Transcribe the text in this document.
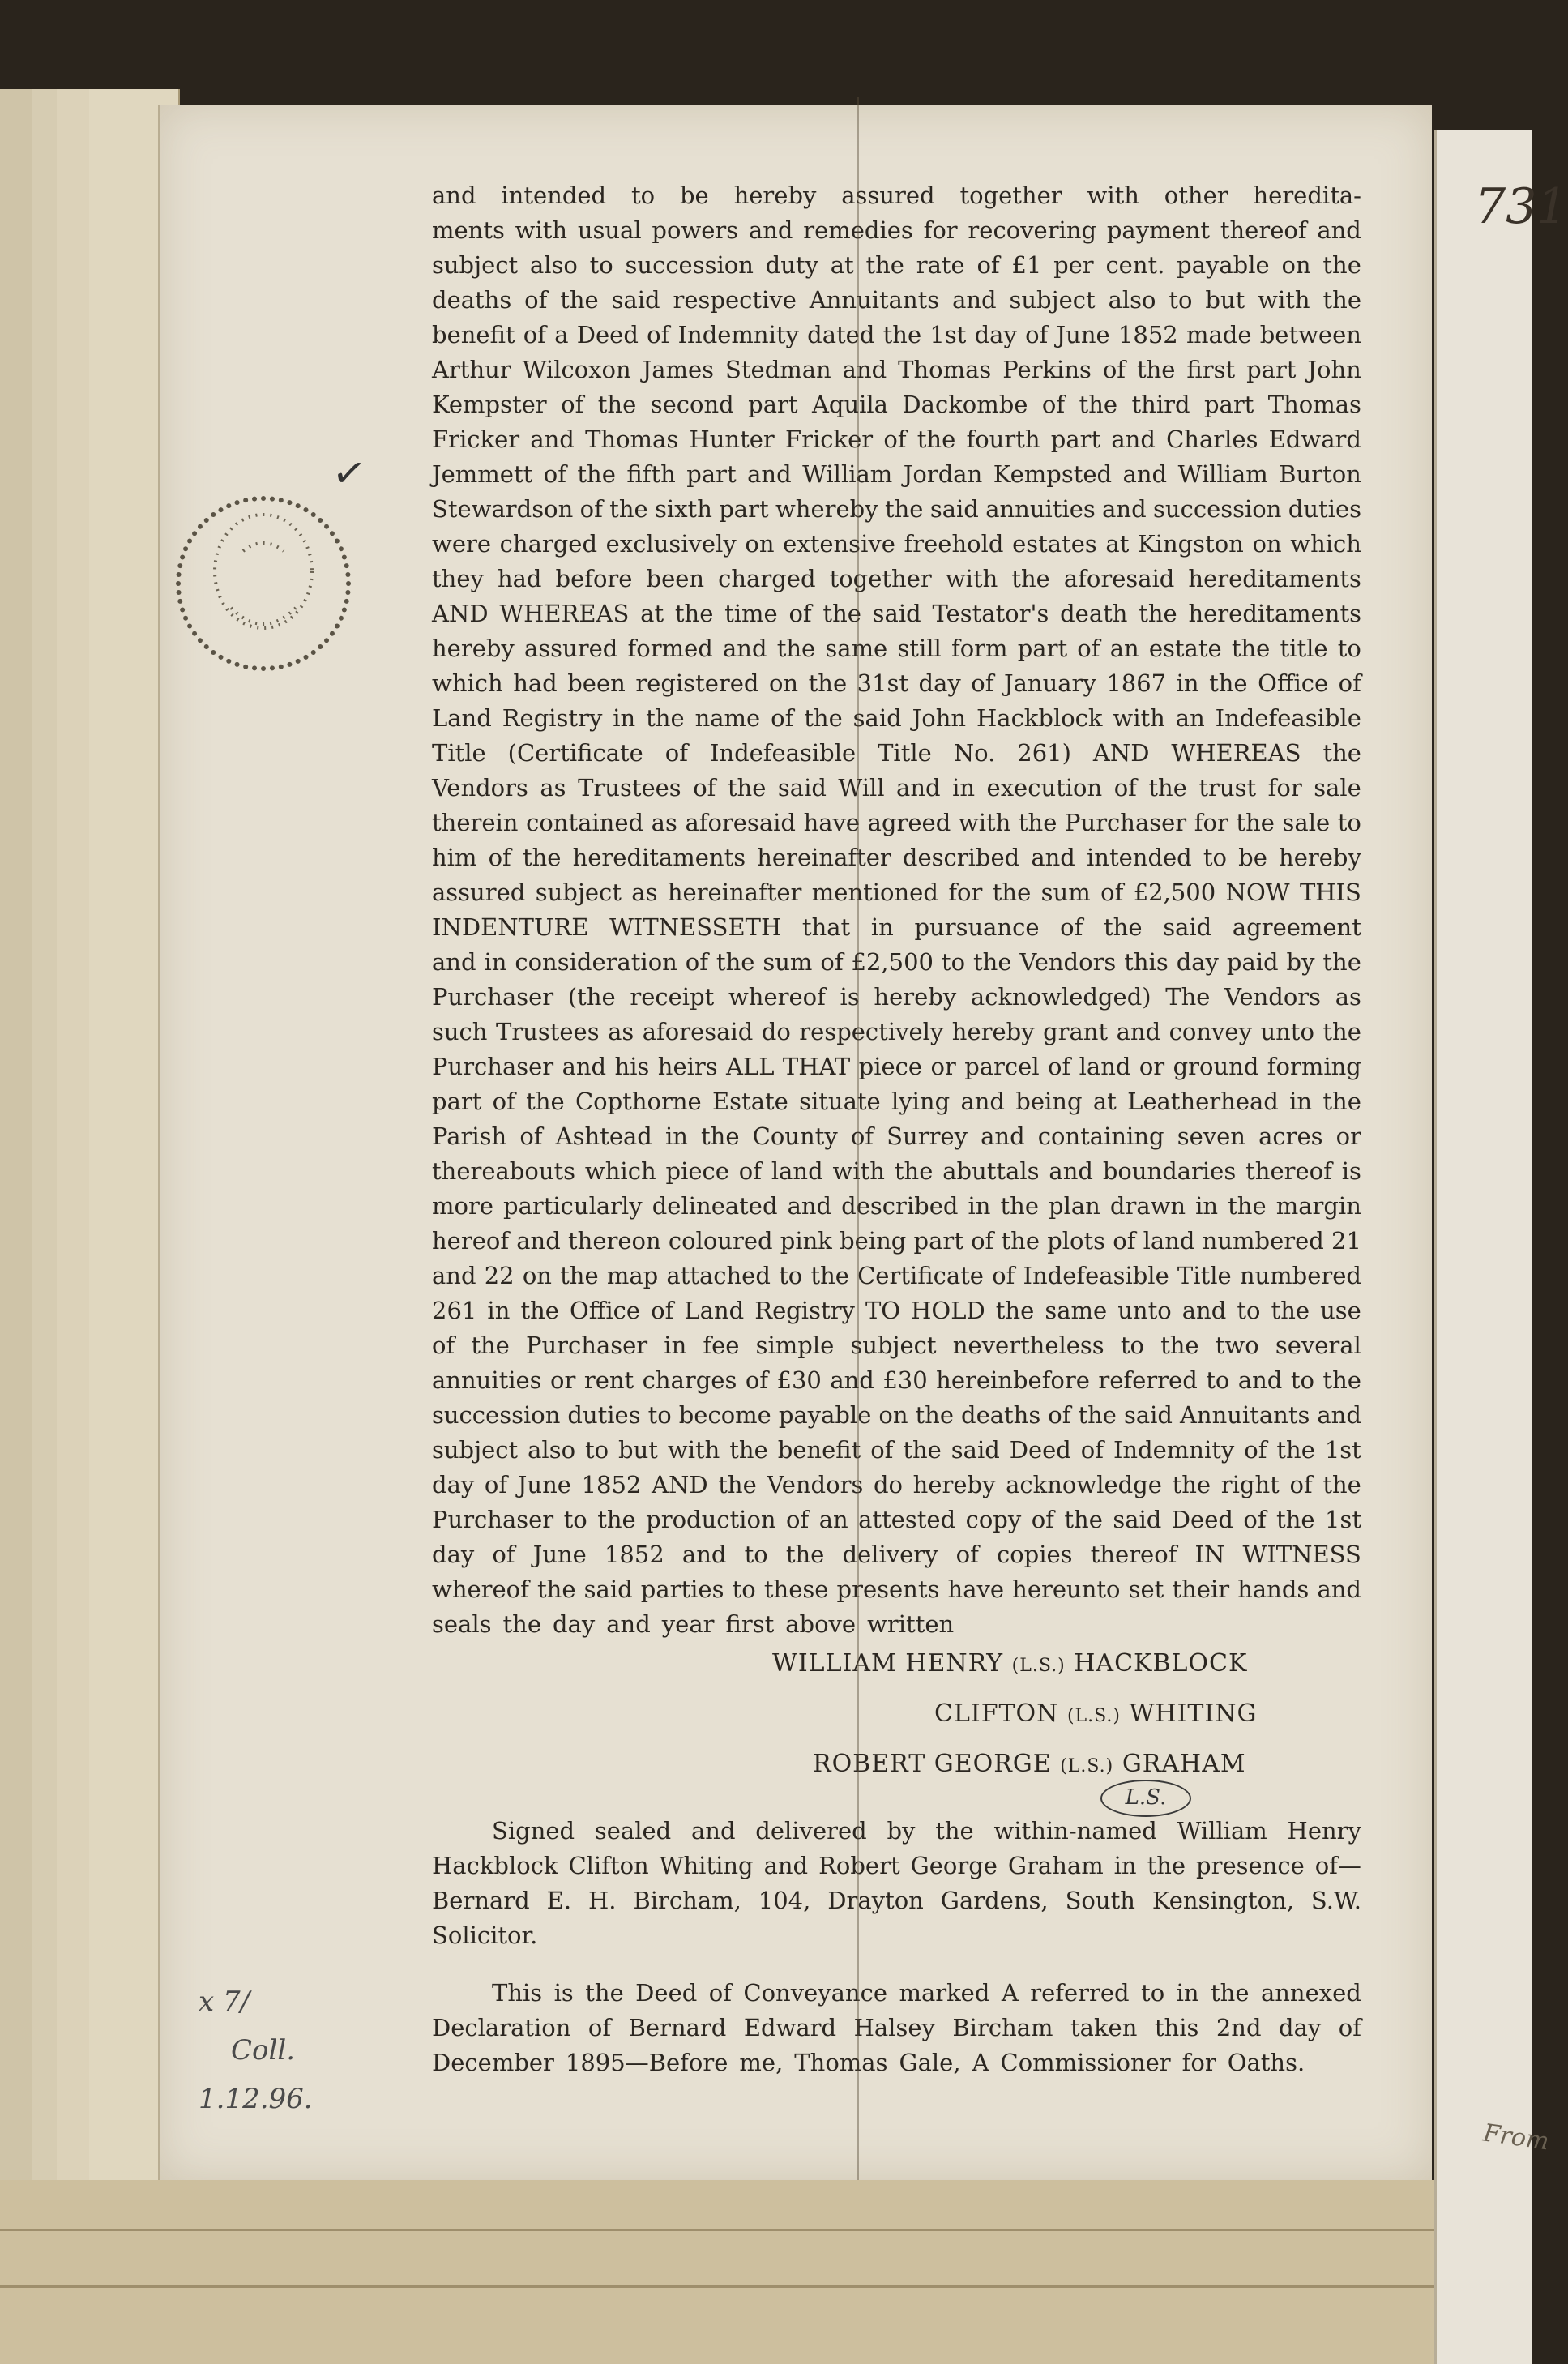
731
From
✓
and intended to be hereby assured together with other heredita-
ments with usual powers and remedies for recovering payment thereof and
subject also to succession duty at the rate of £1 per cent. payable on the
deaths of the said respective Annuitants and subject also to but with the
benefit of a Deed of Indemnity dated the 1st day of June 1852 made between
Arthur Wilcoxon James Stedman and Thomas Perkins of the first part John
Kempster of the second part Aquila Dackombe of the third part Thomas
Fricker and Thomas Hunter Fricker of the fourth part and Charles Edward
Jemmett of the fifth part and William Jordan Kempsted and William Burton
Stewardson of the sixth part whereby the said annuities and succession duties
were charged exclusively on extensive freehold estates at Kingston on which
they had before been charged together with the aforesaid hereditaments
AND WHEREAS at the time of the said Testator's death the hereditaments
hereby assured formed and the same still form part of an estate the title to
which had been registered on the 31st day of January 1867 in the Office of
Land Registry in the name of the said John Hackblock with an Indefeasible
Title (Certificate of Indefeasible Title No. 261) AND WHEREAS the
Vendors as Trustees of the said Will and in execution of the trust for sale
therein contained as aforesaid have agreed with the Purchaser for the sale to
him of the hereditaments hereinafter described and intended to be hereby
assured subject as hereinafter mentioned for the sum of £2,500 NOW THIS
INDENTURE WITNESSETH that in pursuance of the said agreement
and in consideration of the sum of £2,500 to the Vendors this day paid by the
Purchaser (the receipt whereof is hereby acknowledged) The Vendors as
such Trustees as aforesaid do respectively hereby grant and convey unto the
Purchaser and his heirs ALL THAT piece or parcel of land or ground forming
part of the Copthorne Estate situate lying and being at Leatherhead in the
Parish of Ashtead in the County of Surrey and containing seven acres or
thereabouts which piece of land with the abuttals and boundaries thereof is
more particularly delineated and described in the plan drawn in the margin
hereof and thereon coloured pink being part of the plots of land numbered 21
and 22 on the map attached to the Certificate of Indefeasible Title numbered
261 in the Office of Land Registry TO HOLD the same unto and to the use
of the Purchaser in fee simple subject nevertheless to the two several
annuities or rent charges of £30 and £30 hereinbefore referred to and to the
succession duties to become payable on the deaths of the said Annuitants and
subject also to but with the benefit of the said Deed of Indemnity of the 1st
day of June 1852 AND the Vendors do hereby acknowledge the right of the
Purchaser to the production of an attested copy of the said Deed of the 1st
day of June 1852 and to the delivery of copies thereof IN WITNESS
whereof the said parties to these presents have hereunto set their hands and
seals the day and year first above written
WILLIAM HENRY (L.S.) HACKBLOCK
CLIFTON (L.S.) WHITING
ROBERT GEORGE (L.S.) GRAHAM
L.S.
Signed sealed and delivered by the within-named William Henry
Hackblock Clifton Whiting and Robert George Graham in the presence of—
Bernard E. H. Bircham, 104, Drayton Gardens, South Kensington, S.W.
Solicitor.
This is the Deed of Conveyance marked A referred to in the annexed
Declaration of Bernard Edward Halsey Bircham taken this 2nd day of
December 1895—Before me, Thomas Gale, A Commissioner for Oaths.
x 7/
Coll.
1.12.96.
